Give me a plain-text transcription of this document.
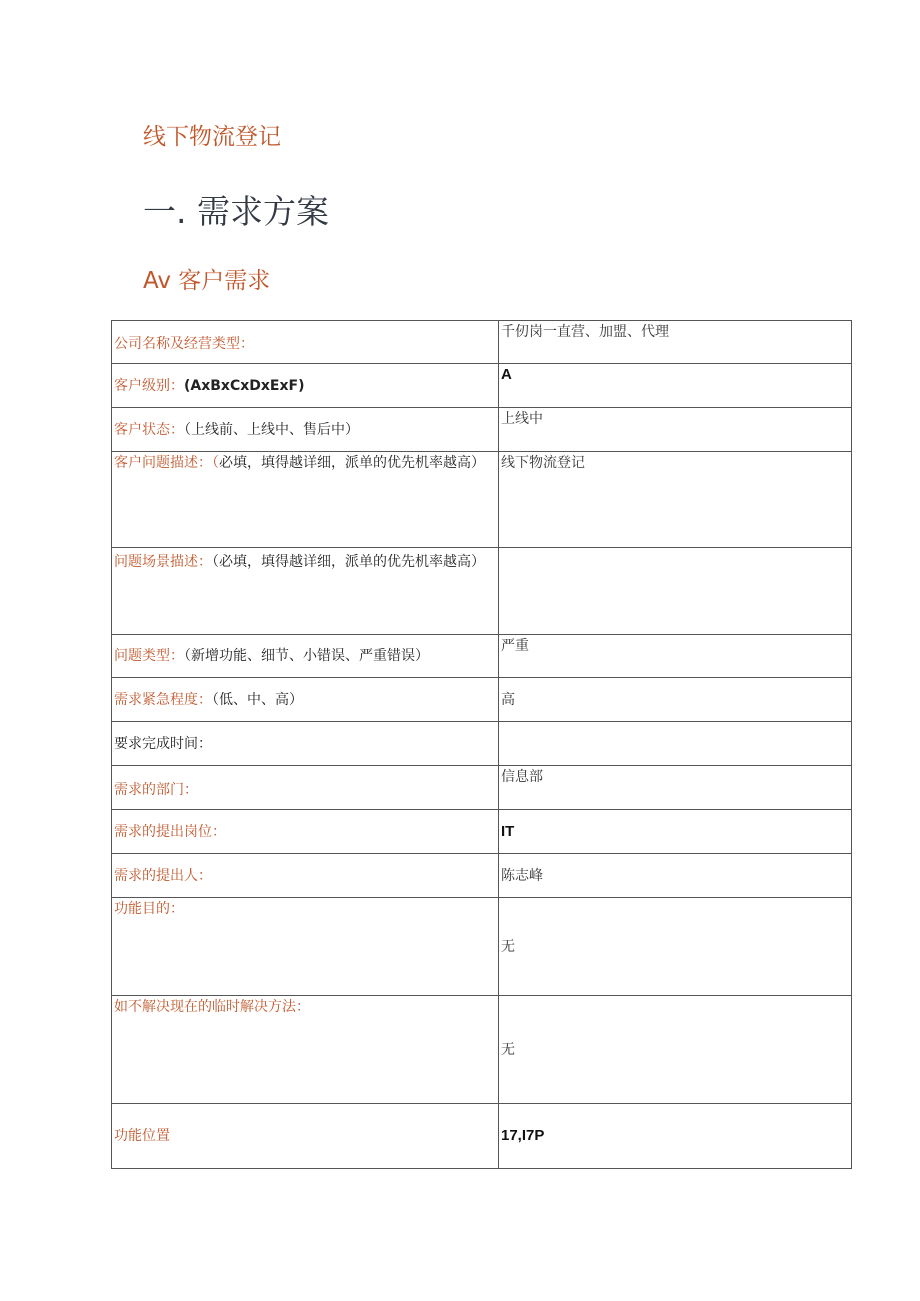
线下物流登记
一. 需求方案
Av 客户需求
公司名称及经营类型：	千仞岗一直营、加盟、代理
客户级别：(AxBxCxDxExF)	A
客户状态：（上线前、上线中、售后中）	上线中
客户问题描述：（必填，填得越详细，派单的优先机率越高）	线下物流登记
问题场景描述：（必填，填得越详细，派单的优先机率越高）	
问题类型：（新增功能、细节、小错误、严重错误）	严重
需求紧急程度：（低、中、高）	高
要求完成时间：	
需求的部门：	信息部
需求的提出岗位：	IT
需求的提出人：	陈志峰
功能目的：	无
如不解决现在的临时解决方法：	无
功能位置	17,I7P
